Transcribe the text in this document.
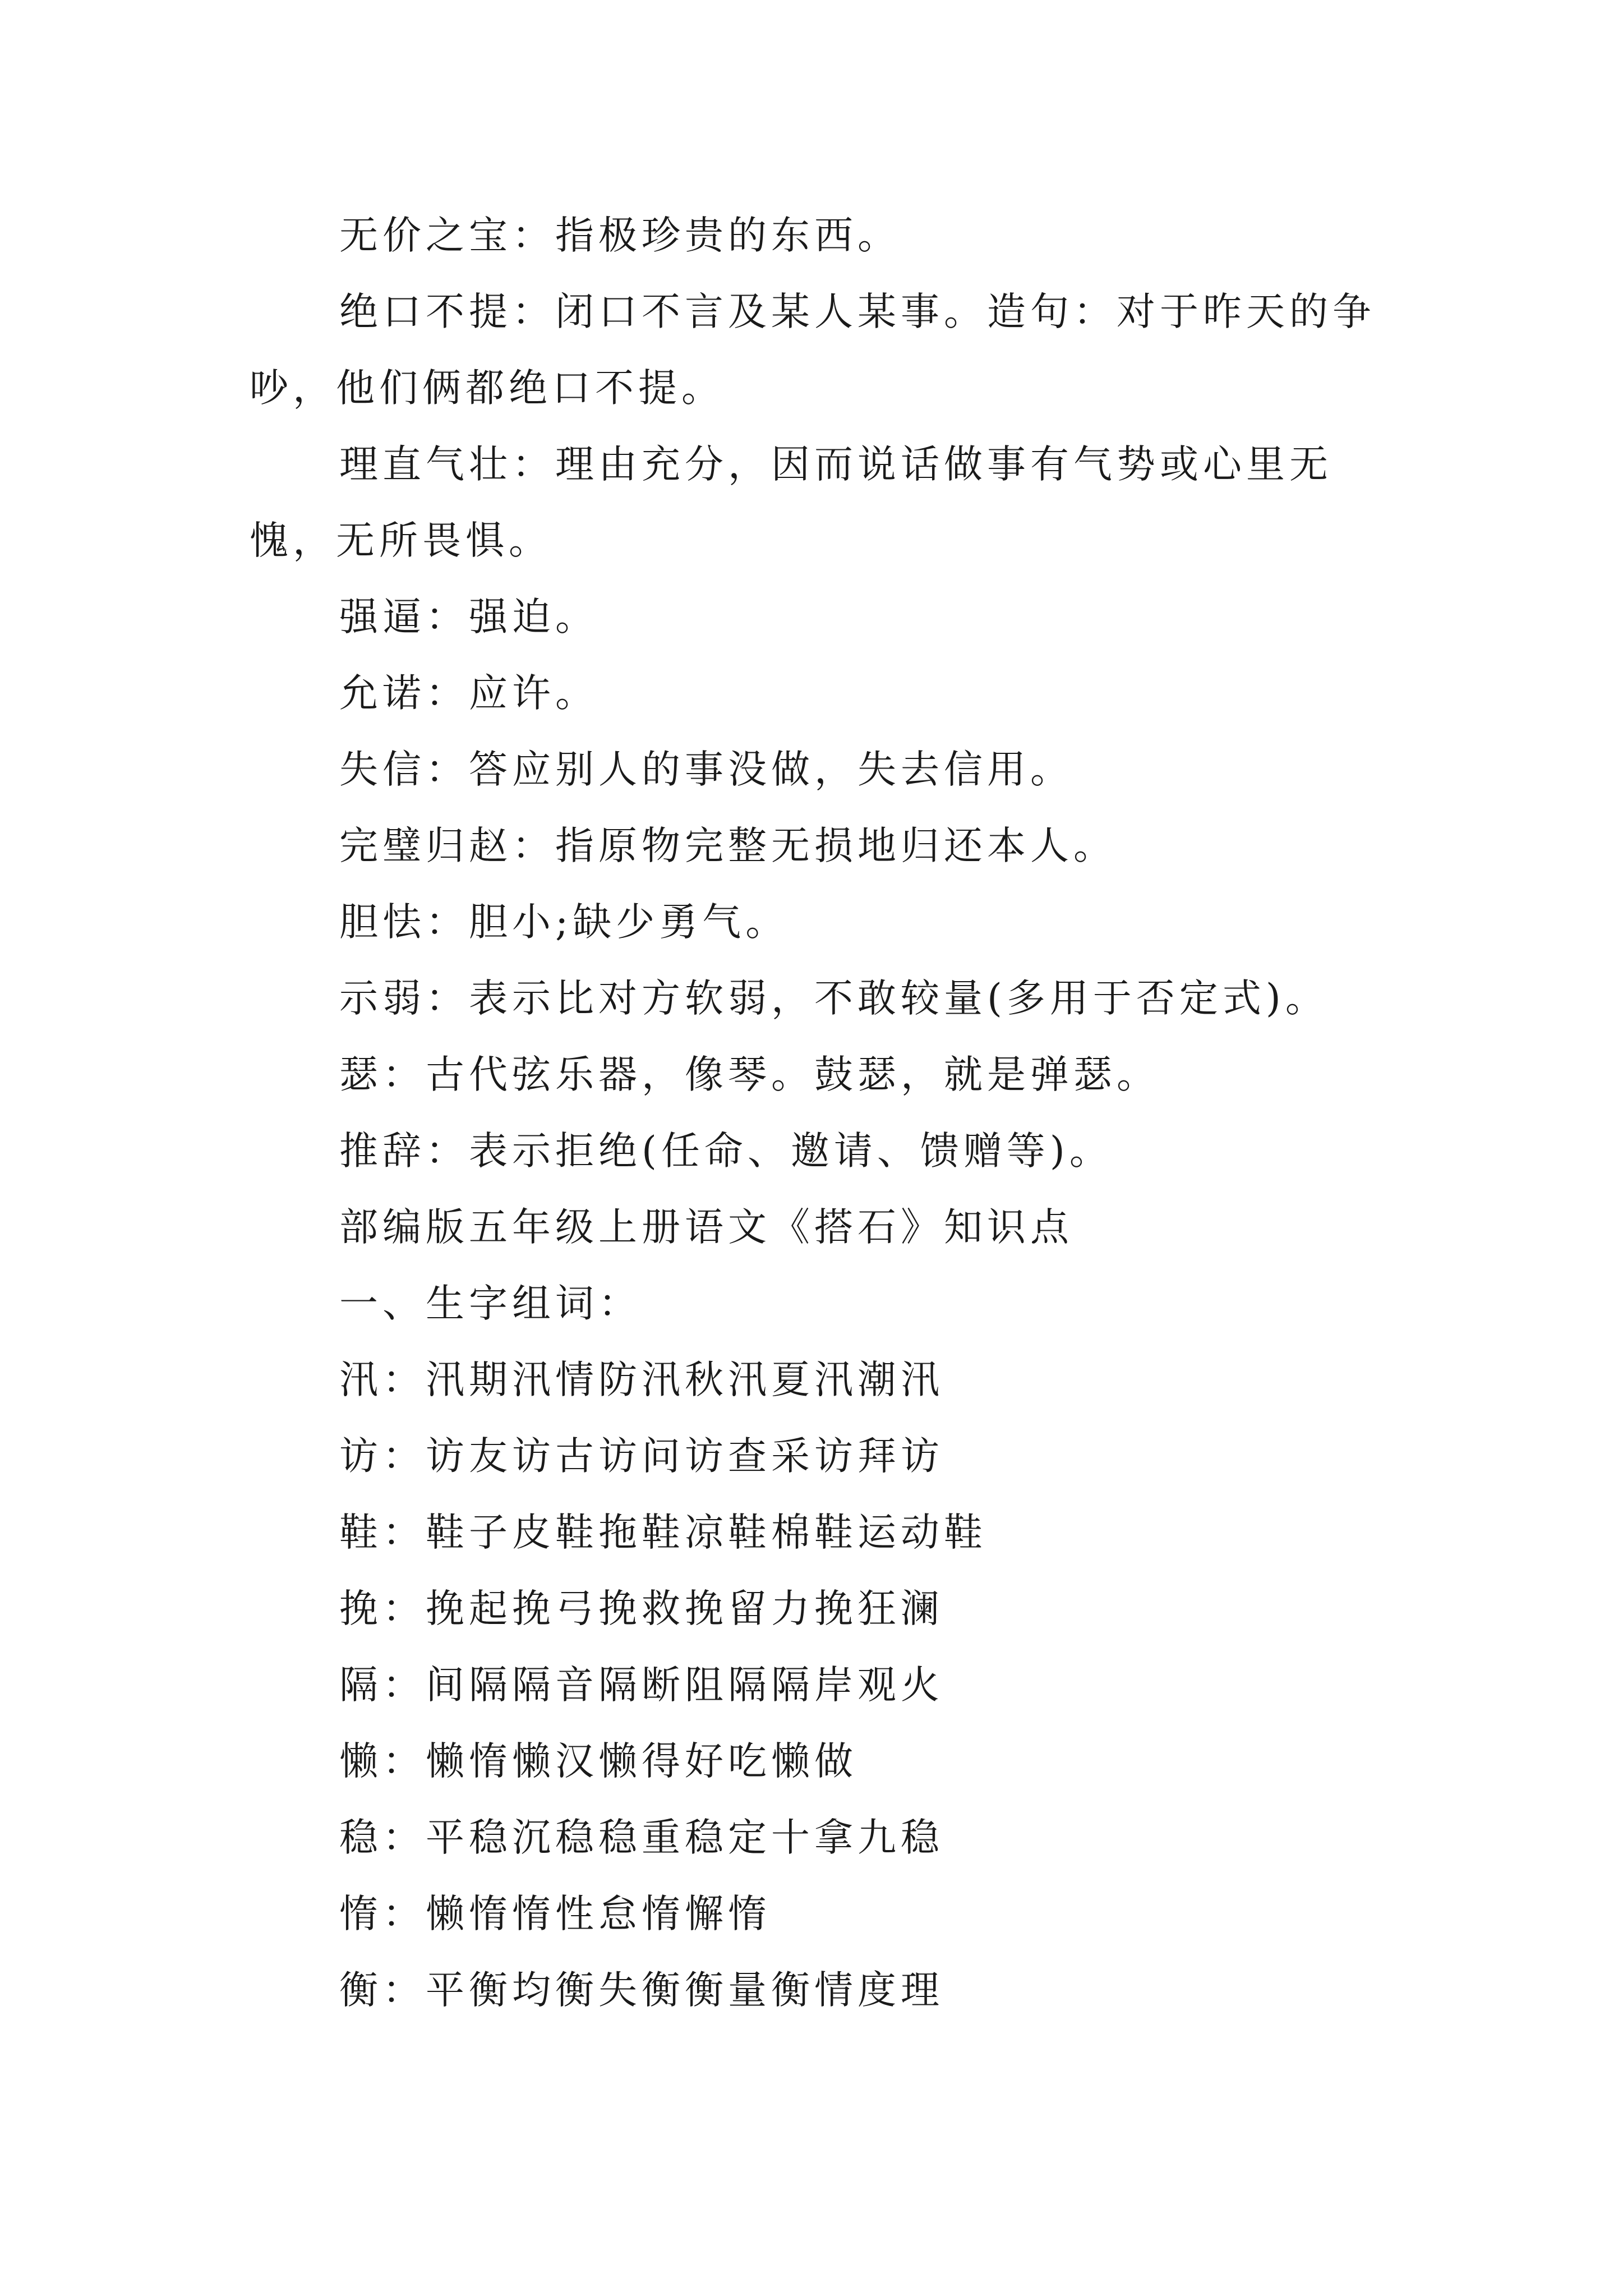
无价之宝：指极珍贵的东西。

绝口不提：闭口不言及某人某事。造句：对于昨天的争吵，他们俩都绝口不提。

理直气壮：理由充分，因而说话做事有气势或心里无愧，无所畏惧。

强逼：强迫。

允诺：应许。

失信：答应别人的事没做，失去信用。

完璧归赵：指原物完整无损地归还本人。

胆怯：胆小;缺少勇气。

示弱：表示比对方软弱，不敢较量(多用于否定式)。

瑟：古代弦乐器，像琴。鼓瑟，就是弹瑟。

推辞：表示拒绝(任命、邀请、馈赠等)。

部编版五年级上册语文《搭石》知识点

一、生字组词：

汛：汛期汛情防汛秋汛夏汛潮汛

访：访友访古访问访查采访拜访

鞋：鞋子皮鞋拖鞋凉鞋棉鞋运动鞋

挽：挽起挽弓挽救挽留力挽狂澜

隔：间隔隔音隔断阻隔隔岸观火

懒：懒惰懒汉懒得好吃懒做

稳：平稳沉稳稳重稳定十拿九稳

惰：懒惰惰性怠惰懈惰

衡：平衡均衡失衡衡量衡情度理
